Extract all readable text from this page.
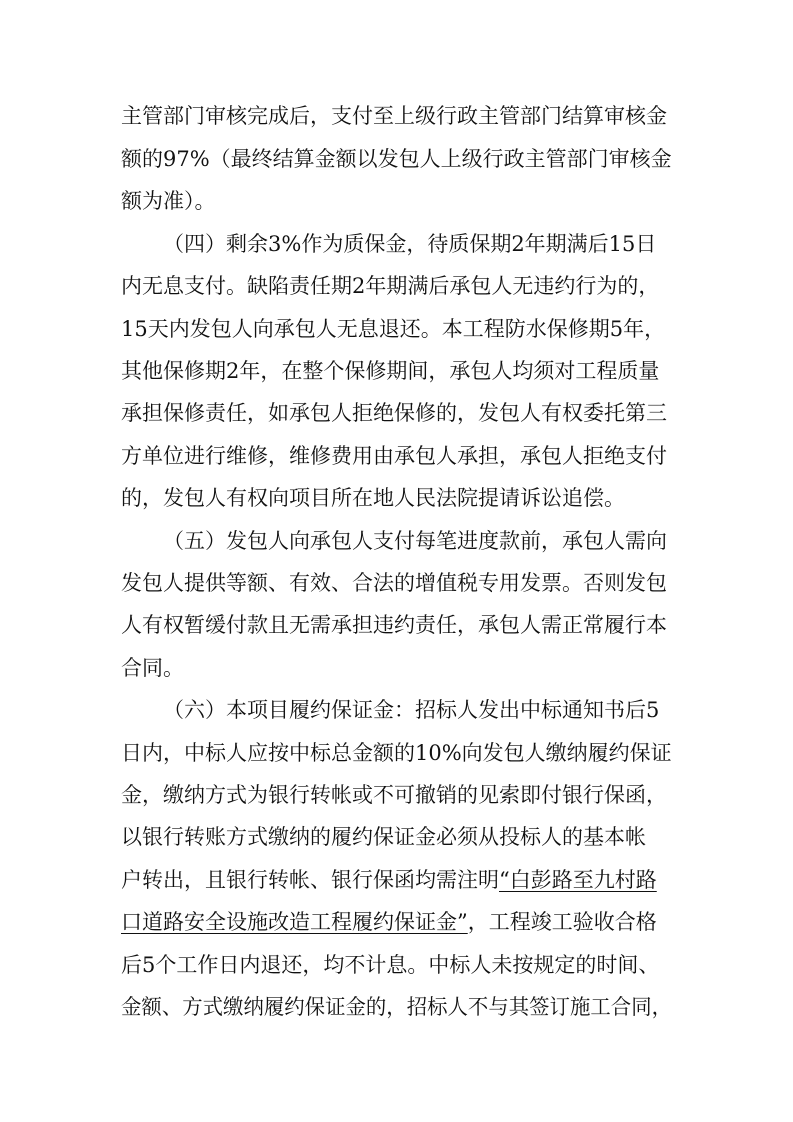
主管部门审核完成后，支付至上级行政主管部门结算审核金
额的97%（最终结算金额以发包人上级行政主管部门审核金
额为准）。
（四）剩余3%作为质保金，待质保期2年期满后15日
内无息支付。缺陷责任期2年期满后承包人无违约行为的，
15天内发包人向承包人无息退还。本工程防水保修期5年，
其他保修期2年，在整个保修期间，承包人均须对工程质量
承担保修责任，如承包人拒绝保修的，发包人有权委托第三
方单位进行维修，维修费用由承包人承担，承包人拒绝支付
的，发包人有权向项目所在地人民法院提请诉讼追偿。
（五）发包人向承包人支付每笔进度款前，承包人需向
发包人提供等额、有效、合法的增值税专用发票。否则发包
人有权暂缓付款且无需承担违约责任，承包人需正常履行本
合同。
（六）本项目履约保证金：招标人发出中标通知书后5
日内，中标人应按中标总金额的10%向发包人缴纳履约保证
金，缴纳方式为银行转帐或不可撤销的见索即付银行保函，
以银行转账方式缴纳的履约保证金必须从投标人的基本帐
户转出，且银行转帐、银行保函均需注明“白彭路至九村路
口道路安全设施改造工程履约保证金”，工程竣工验收合格
后5个工作日内退还，均不计息。中标人未按规定的时间、
金额、方式缴纳履约保证金的，招标人不与其签订施工合同，
